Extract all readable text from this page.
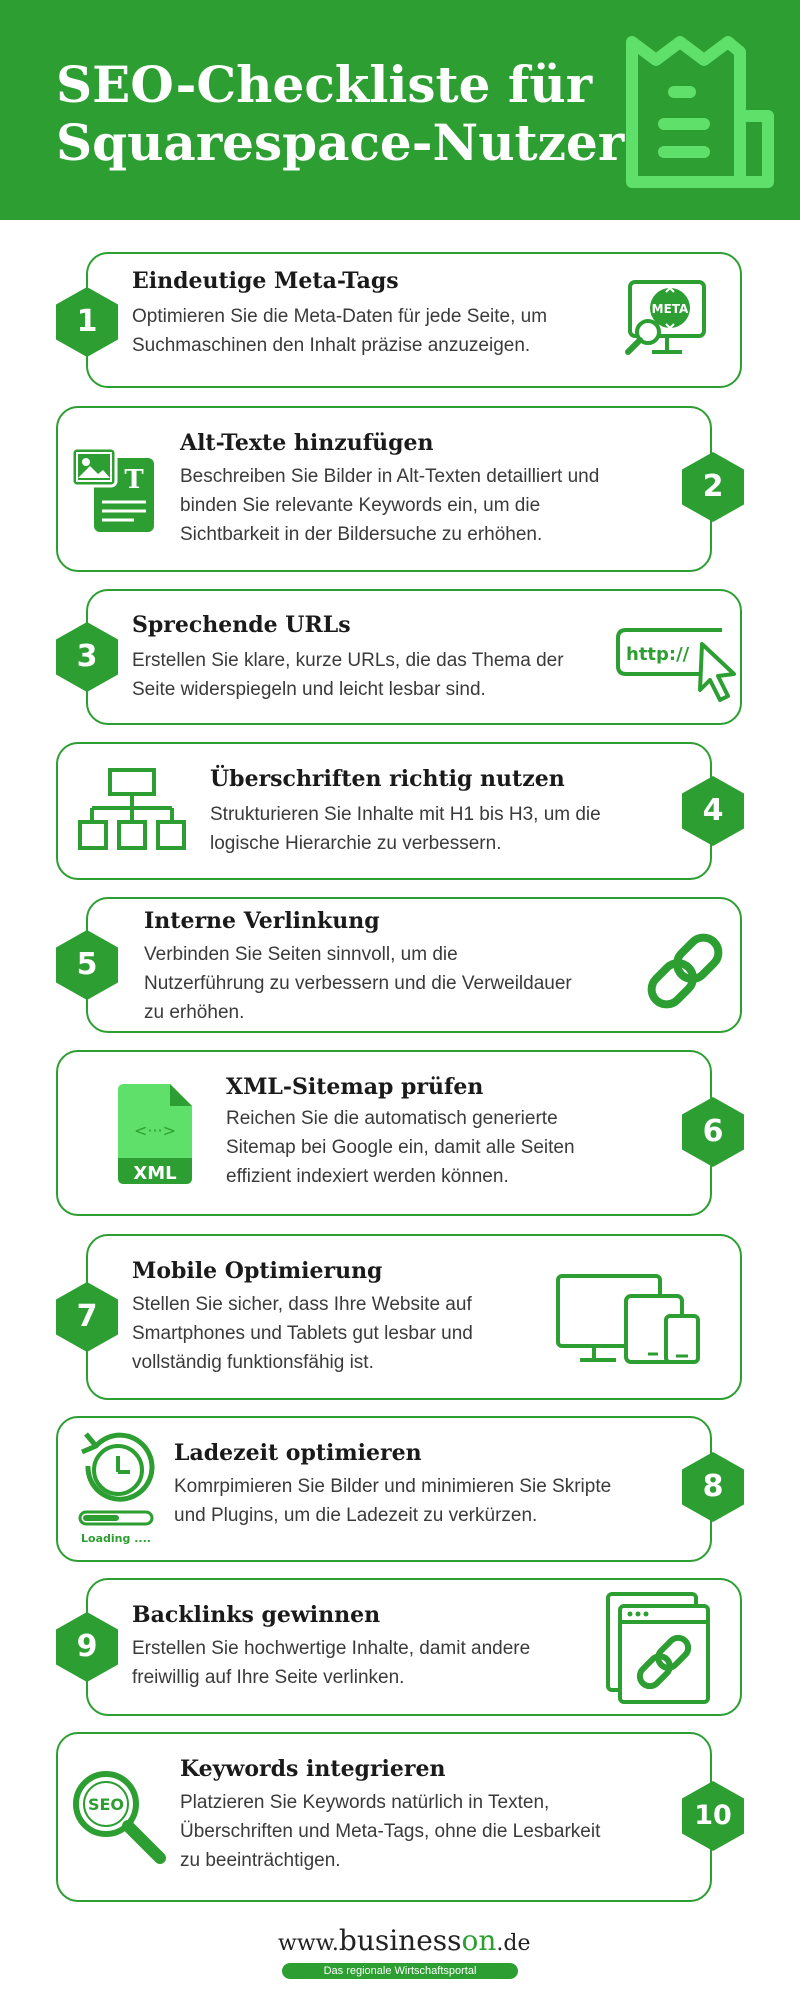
SEO-Checkliste für
Squarespace-Nutzer
1
Eindeutige Meta-Tags

Optimieren Sie die Meta-Daten für jede Seite, um
Suchmaschinen den Inhalt präzise anzuzeigen.

META
2
Alt-Texte hinzufügen

Beschreiben Sie Bilder in Alt-Texten detailliert und
binden Sie relevante Keywords ein, um die
Sichtbarkeit in der Bildersuche zu erhöhen.

T
3
Sprechende URLs

Erstellen Sie klare, kurze URLs, die das Thema der
Seite widerspiegeln und leicht lesbar sind.

http://
4
Überschriften richtig nutzen

Strukturieren Sie Inhalte mit H1 bis H3, um die
logische Hierarchie zu verbessern.

5
Interne Verlinkung

Verbinden Sie Seiten sinnvoll, um die
Nutzerführung zu verbessern und die Verweildauer
zu erhöhen.

6
XML-Sitemap prüfen

Reichen Sie die automatisch generierte
Sitemap bei Google ein, damit alle Seiten
effizient indexiert werden können.

<···>
XML
7
Mobile Optimierung

Stellen Sie sicher, dass Ihre Website auf
Smartphones und Tablets gut lesbar und
vollständig funktionsfähig ist.

8
Ladezeit optimieren

Komrpimieren Sie Bilder und minimieren Sie Skripte
und Plugins, um die Ladezeit zu verkürzen.

Loading ....
9
Backlinks gewinnen

Erstellen Sie hochwertige Inhalte, damit andere
freiwillig auf Ihre Seite verlinken.

10
Keywords integrieren

Platzieren Sie Keywords natürlich in Texten,
Überschriften und Meta-Tags, ohne die Lesbarkeit
zu beeinträchtigen.

SEO
www.businesson.de
Das regionale Wirtschaftsportal
